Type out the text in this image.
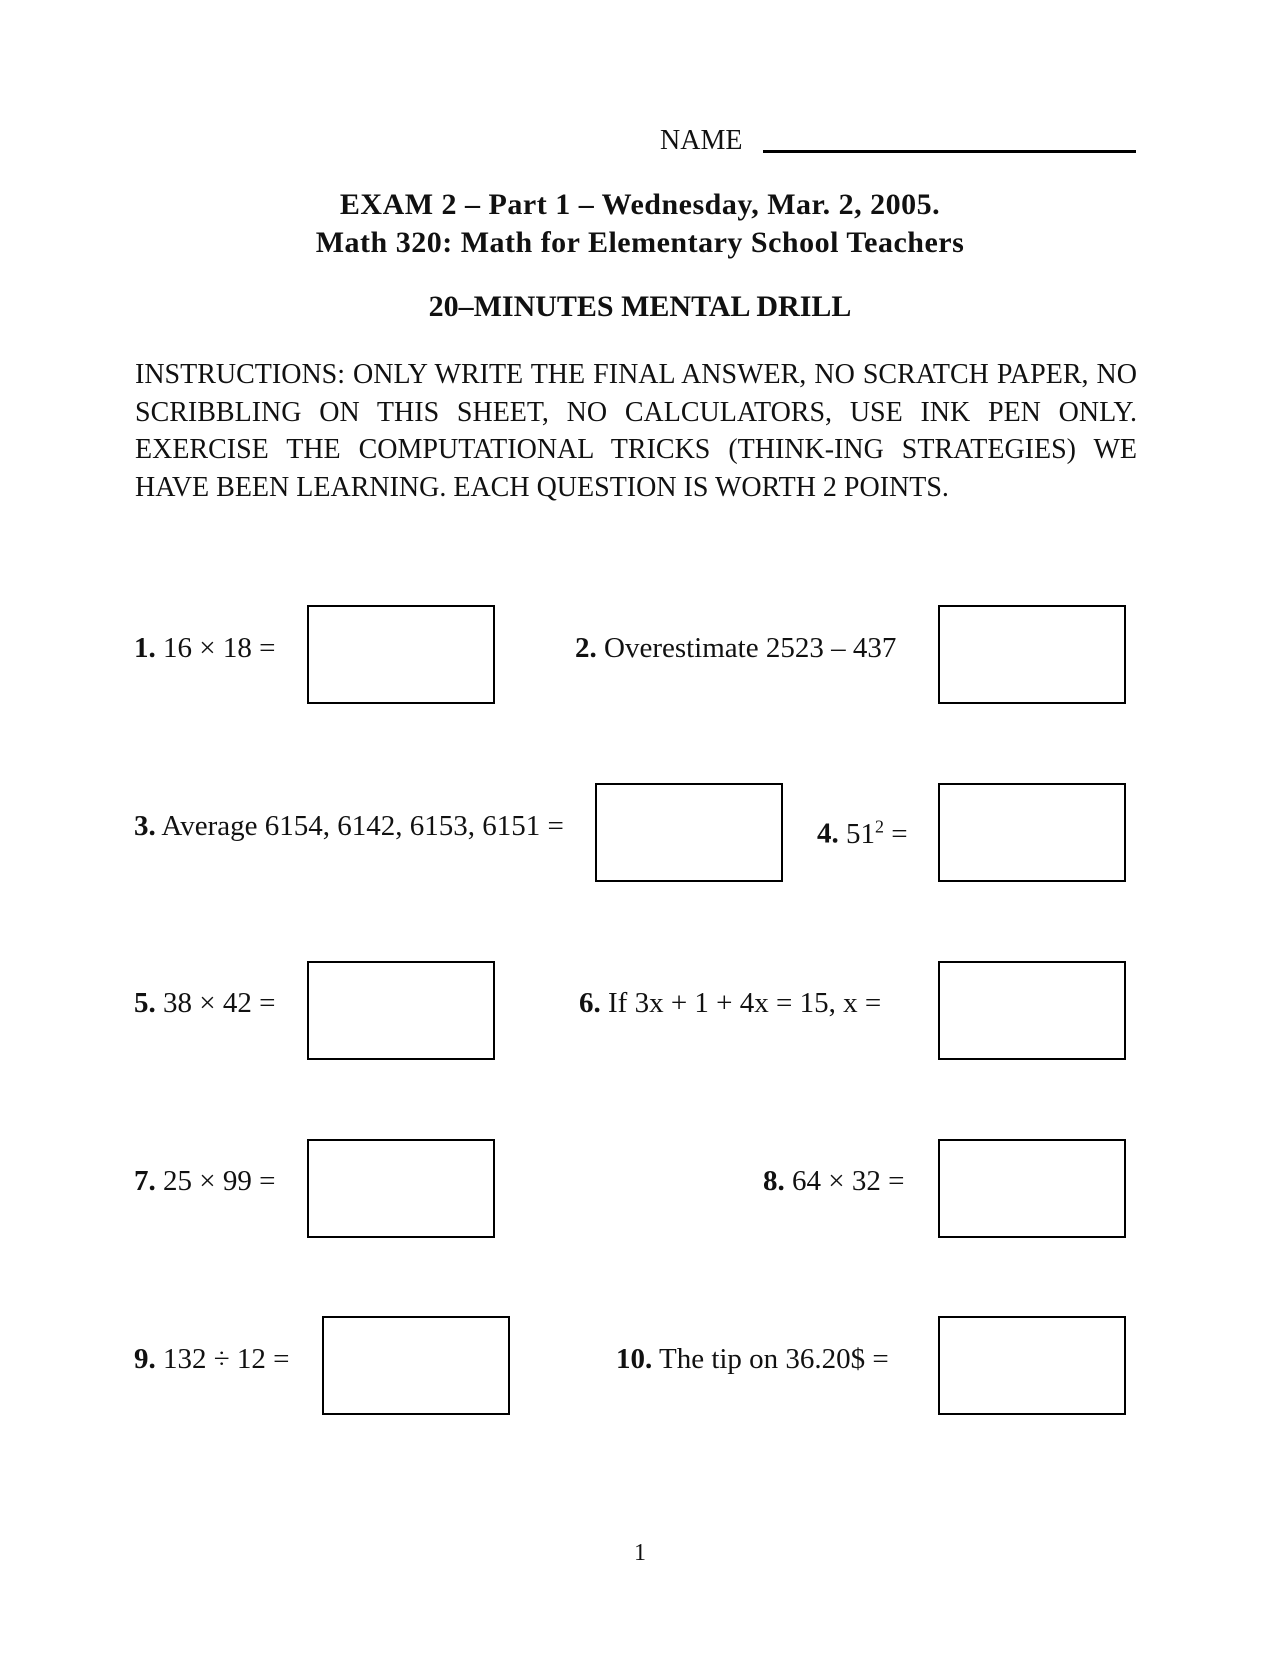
NAME
EXAM 2 – Part 1 – Wednesday, Mar. 2, 2005.
Math 320: Math for Elementary School Teachers
20–MINUTES MENTAL DRILL
INSTRUCTIONS: ONLY WRITE THE FINAL ANSWER, NO SCRATCH PAPER, NO SCRIBBLING ON THIS SHEET, NO CALCULATORS, USE INK PEN ONLY. EXERCISE THE COMPUTATIONAL TRICKS (THINK-ING STRATEGIES) WE HAVE BEEN LEARNING. EACH QUESTION IS WORTH 2 POINTS.
1. 16 × 18 =	2. Overestimate 2523 – 437
3. Average 6154, 6142, 6153, 6151 =	4. $51^2$ =
5. 38 × 42 =	6. If 3x + 1 + 4x = 15, x =
7. 25 × 99 =	8. 64 × 32 =
9. 132 ÷ 12 =	10. The tip on 36.20$ =
1
